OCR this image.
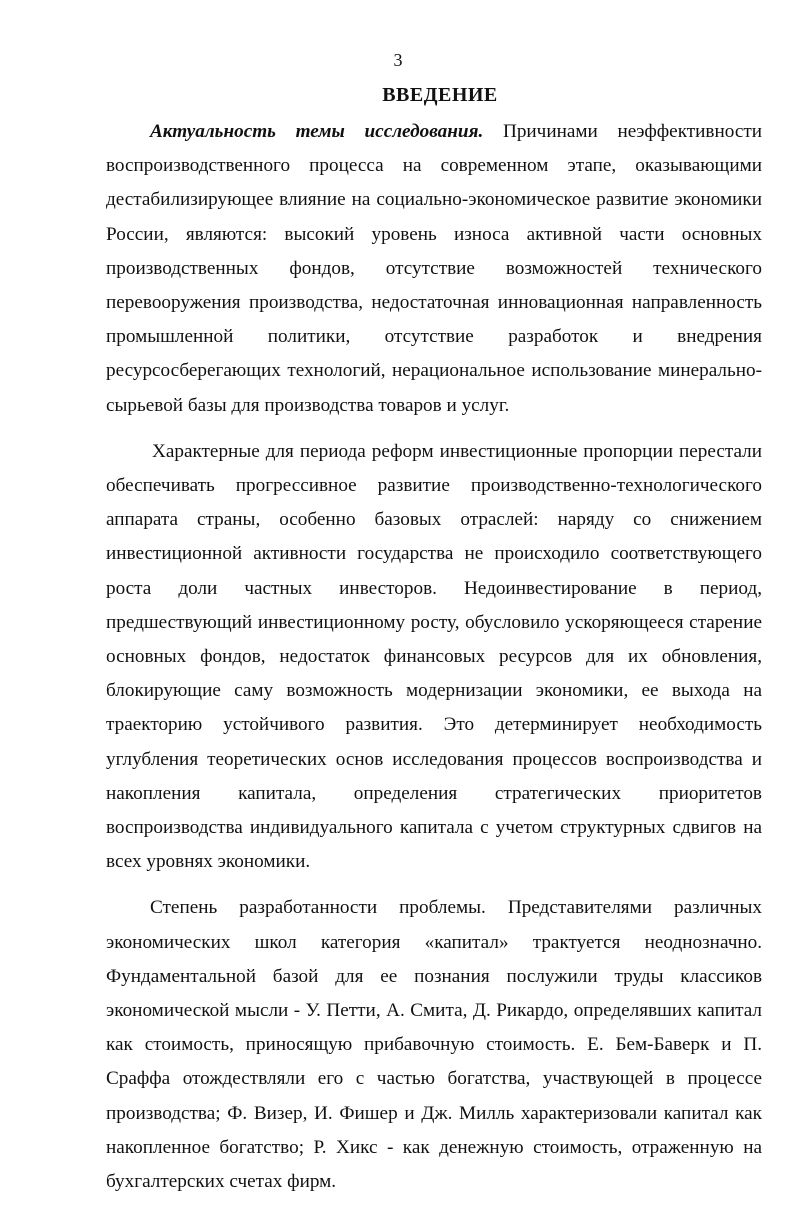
3
ВВЕДЕНИЕ

Актуальность темы исследования. Причинами неэффективности воспроизводственного процесса на современном этапе, оказывающими дестабилизирующее влияние на социально-экономическое развитие экономики России, являются: высокий уровень износа активной части основных производственных фондов, отсутствие возможностей технического перевооружения производства, недостаточная инновационная направленность промышленной политики, отсутствие разработок и внедрения ресурсосберегающих технологий, нерациональное использование минерально-сырьевой базы для производства товаров и услуг.

Характерные для периода реформ инвестиционные пропорции перестали обеспечивать прогрессивное развитие производственно-технологического аппарата страны, особенно базовых отраслей: наряду со снижением инвестиционной активности государства не происходило соответствующего роста доли частных инвесторов. Недоинвестирование в период, предшествующий инвестиционному росту, обусловило ускоряющееся старение основных фондов, недостаток финансовых ресурсов для их обновления, блокирующие саму возможность модернизации экономики, ее выхода на траекторию устойчивого развития. Это детерминирует необходимость углубления теоретических основ исследования процессов воспроизводства и накопления капитала, определения стратегических приоритетов воспроизводства индивидуального капитала с учетом структурных сдвигов на всех уровнях экономики.

Степень разработанности проблемы. Представителями различных экономических школ категория «капитал» трактуется неоднозначно. Фундаментальной базой для ее познания послужили труды классиков экономической мысли - У. Петти, А. Смита, Д. Рикардо, определявших капитал как стоимость, приносящую прибавочную стоимость. Е. Бем-Баверк и П. Сраффа отождествляли его с частью богатства, участвующей в процессе производства; Ф. Визер, И. Фишер и Дж. Милль характеризовали капитал как накопленное богатство; Р. Хикс - как денежную стоимость, отраженную на бухгалтерских счетах фирм.
